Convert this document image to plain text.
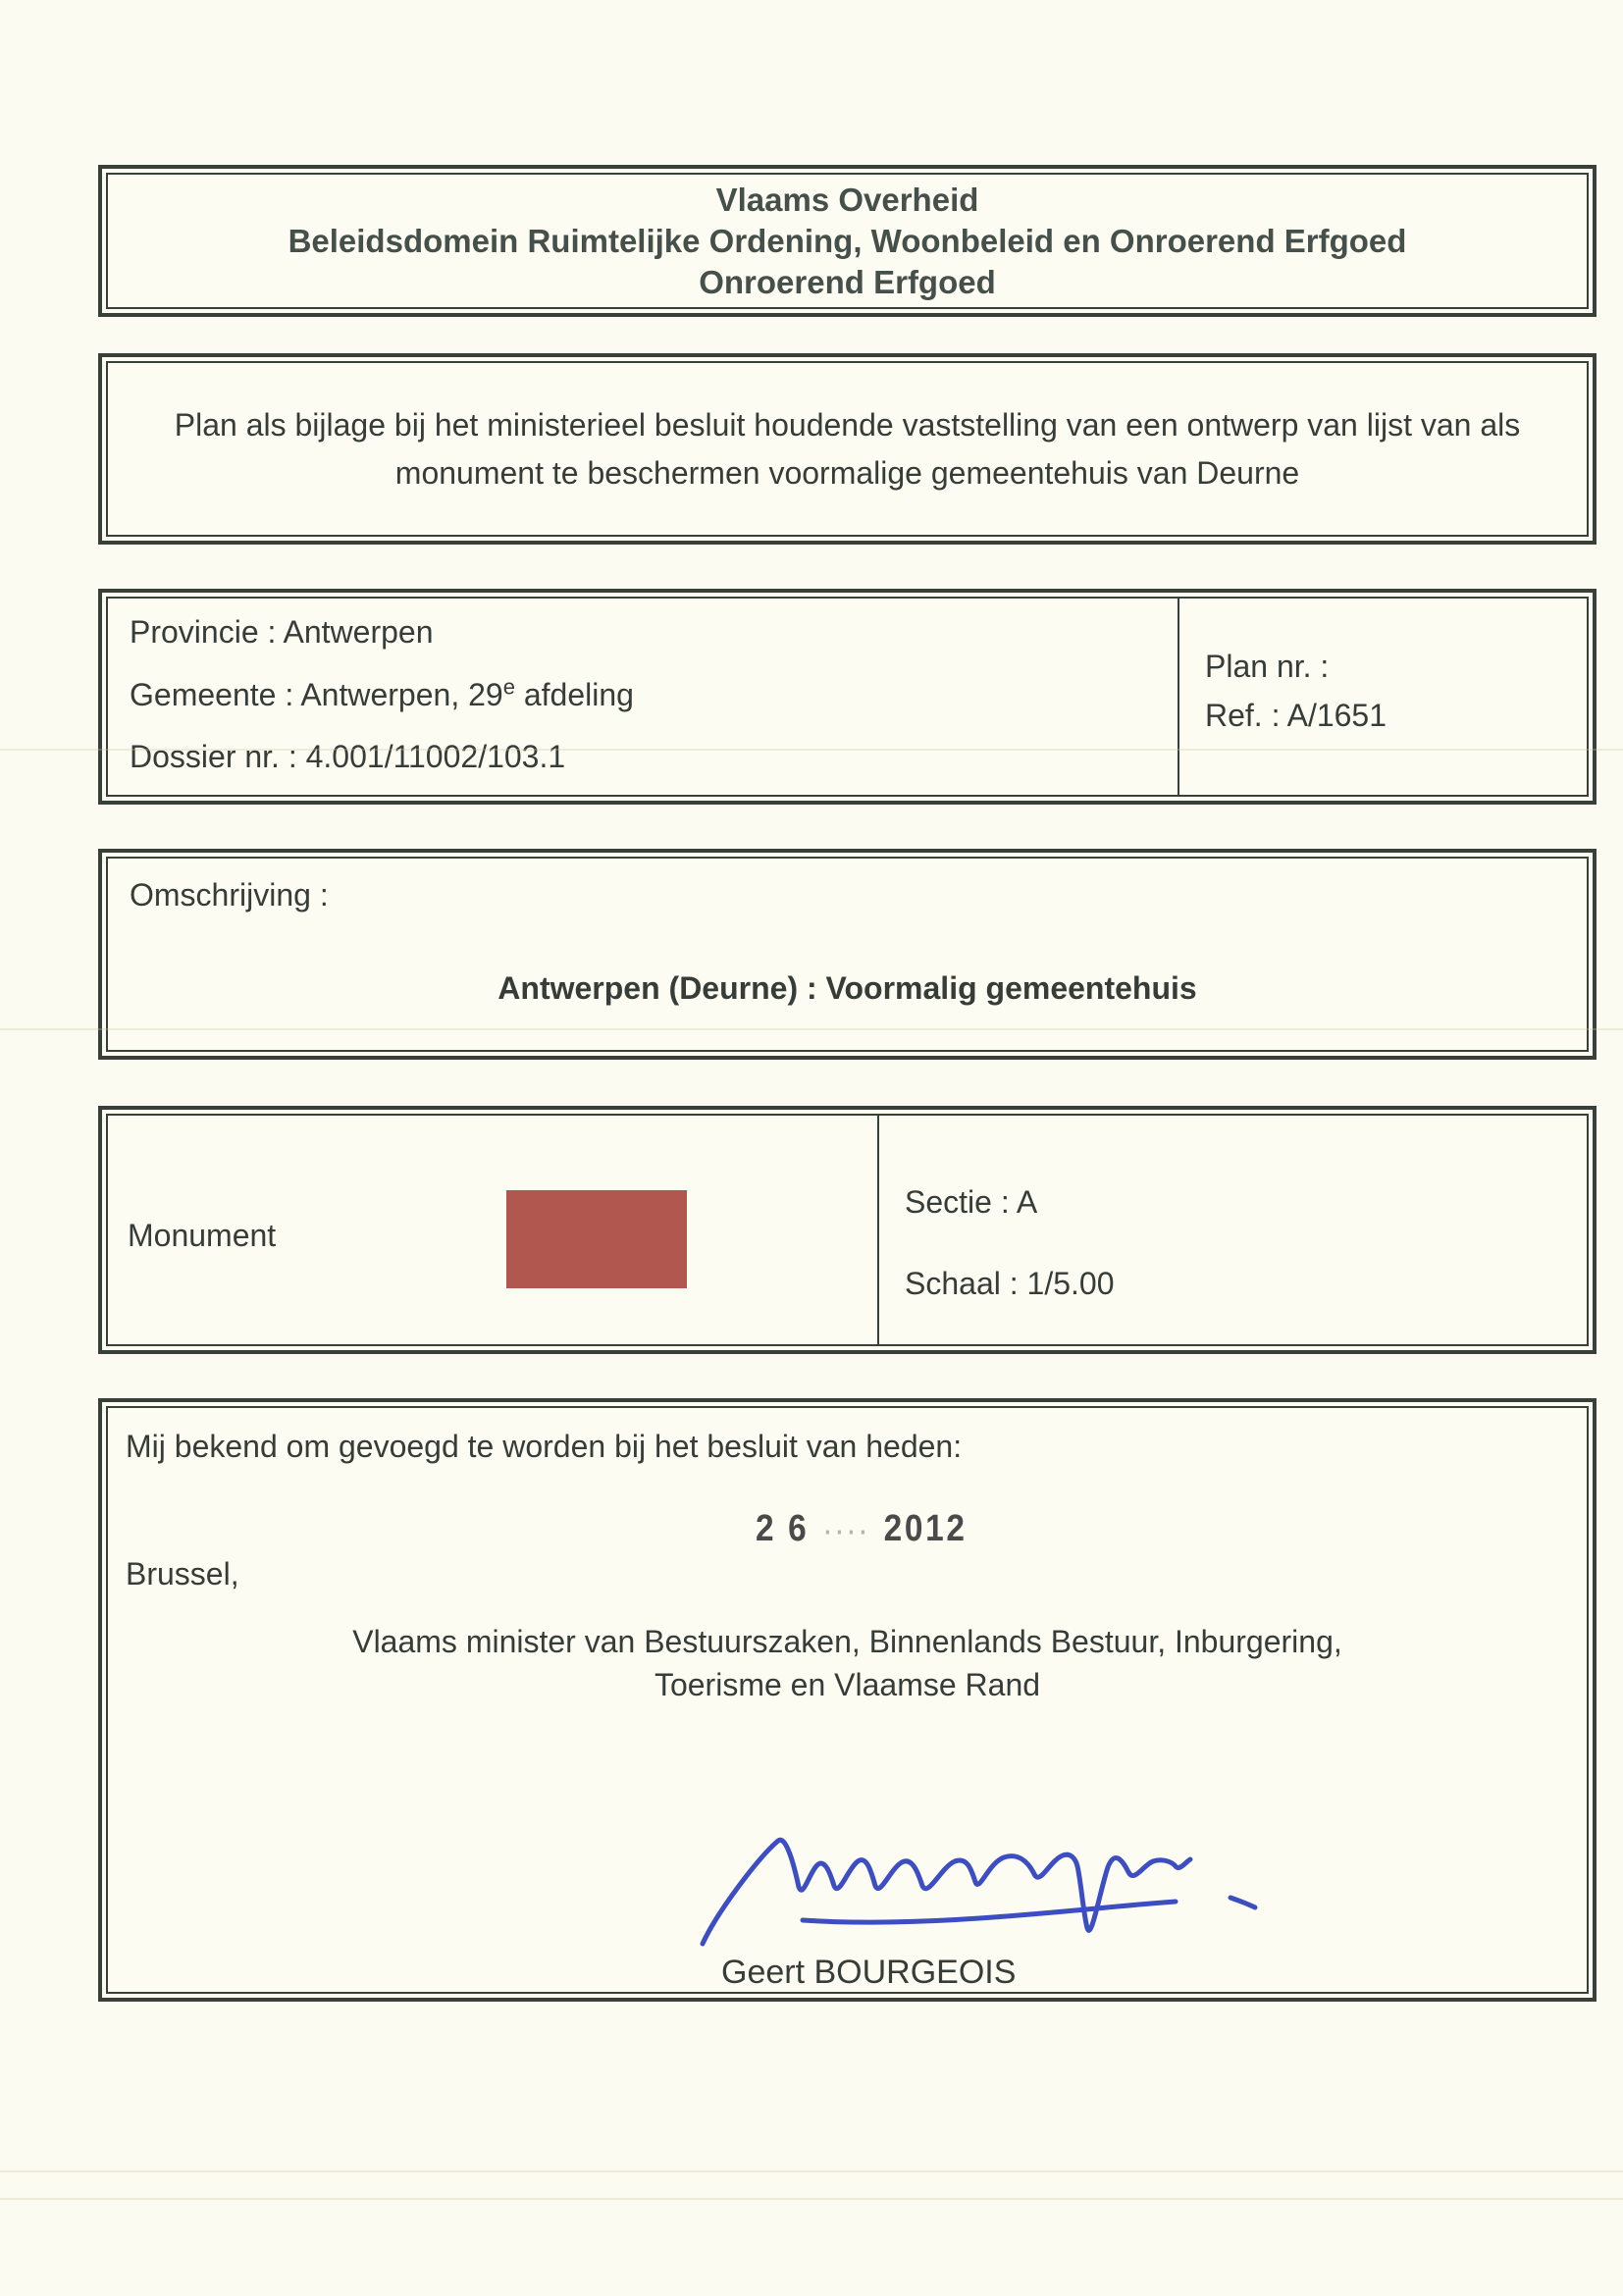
Vlaams Overheid
Beleidsdomein Ruimtelijke Ordening, Woonbeleid en Onroerend Erfgoed
Onroerend Erfgoed
Plan als bijlage bij het ministerieel besluit houdende vaststelling van een ontwerp van lijst van als monument te beschermen voormalige gemeentehuis van Deurne
Provincie : Antwerpen
Gemeente : Antwerpen, 29e afdeling
Dossier nr. : 4.001/11002/103.1
Plan nr. :
Ref. : A/1651
Omschrijving :
Antwerpen (Deurne) : Voormalig gemeentehuis
Monument
Sectie : A
Schaal : 1/5.00
Mij bekend om gevoegd te worden bij het besluit van heden:
2 6 ···· 2012
Brussel,
Vlaams minister van Bestuurszaken, Binnenlands Bestuur, Inburgering,
Toerisme en Vlaamse Rand
Geert BOURGEOIS
